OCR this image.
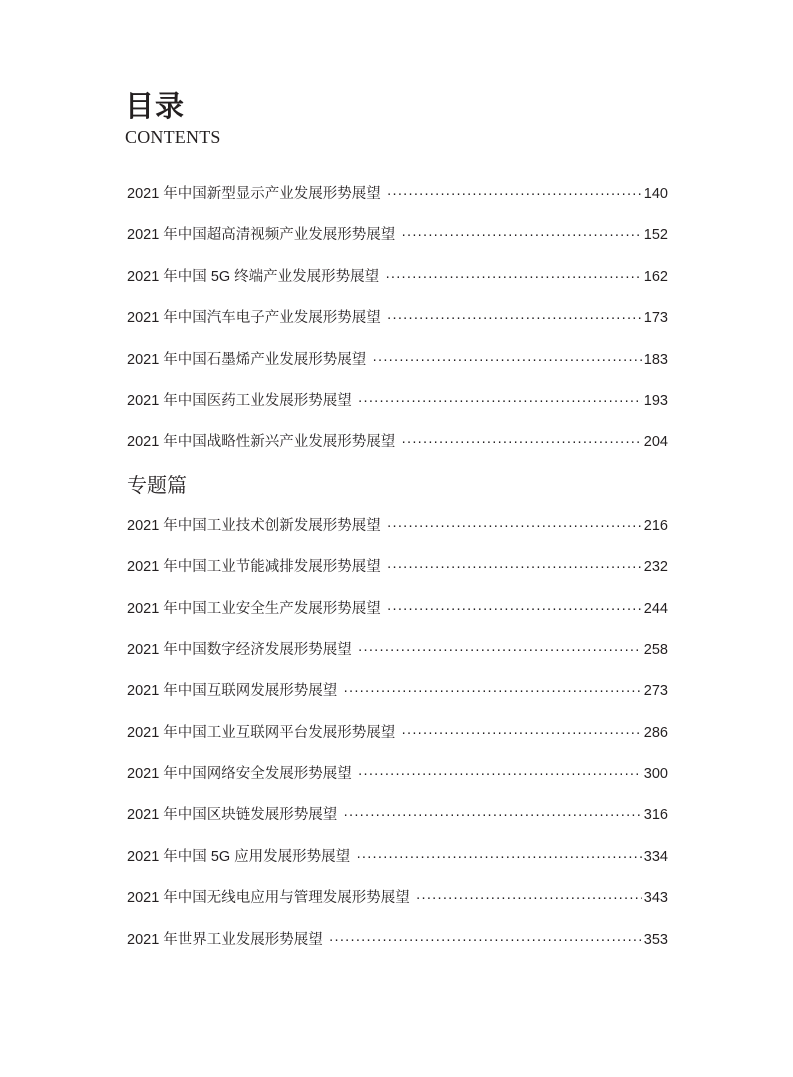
目录
CONTENTS
2021 年中国新型显示产业发展形势展望 ·····	140
2021 年中国超高清视频产业发展形势展望 ·····	152
2021 年中国 5G 终端产业发展形势展望 ·····	162
2021 年中国汽车电子产业发展形势展望 ·····	173
2021 年中国石墨烯产业发展形势展望 ·····	183
2021 年中国医药工业发展形势展望 ·····	193
2021 年中国战略性新兴产业发展形势展望 ·····	204
专题篇
2021 年中国工业技术创新发展形势展望 ·····	216
2021 年中国工业节能减排发展形势展望 ·····	232
2021 年中国工业安全生产发展形势展望 ·····	244
2021 年中国数字经济发展形势展望 ·····	258
2021 年中国互联网发展形势展望 ·····	273
2021 年中国工业互联网平台发展形势展望 ·····	286
2021 年中国网络安全发展形势展望 ·····	300
2021 年中国区块链发展形势展望 ·····	316
2021 年中国 5G 应用发展形势展望 ·····	334
2021 年中国无线电应用与管理发展形势展望 ·····	343
2021 年世界工业发展形势展望 ·····	353
